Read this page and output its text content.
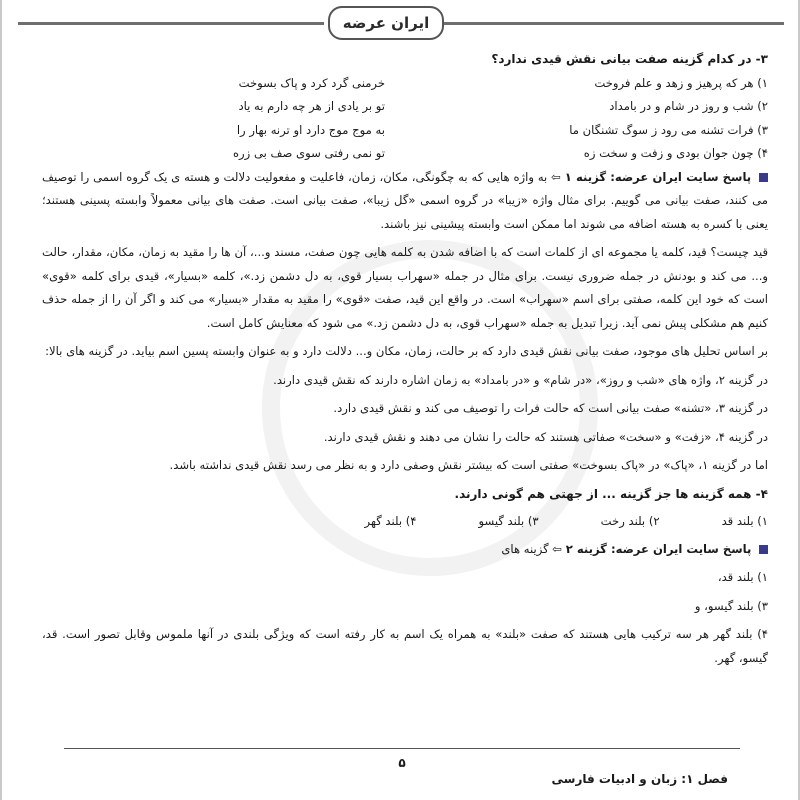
ایران عرضه

۳- در کدام گزینه صفت بیانی نقش قیدی ندارد؟

۱) هر که پرهیز و زهد و علم فروخت
خرمنی گرد کرد و پاک بسوخت
۲) شب و روز در شام و در بامداد
تو بر یادی از هر چه دارم به یاد
۳) فرات تشنه می رود ز سوگ تشنگان ما
به موج موج دارد او ترنه بهار را
۴) چون جوان بودی و زفت و سخت زه
تو نمی رفتی سوی صف بی زره

پاسخ سایت ایران عرضه: گزینه ۱ ⇦ به واژه هایی که به چگونگی، مکان، زمان، فاعلیت و مفعولیت دلالت و هسته ی یک گروه اسمی را توصیف می کنند، صفت بیانی می گوییم. برای مثال واژه «زیبا» در گروه اسمی «گل زیبا»، صفت بیانی است. صفت های بیانی معمولاً وابسته پسینی هستند؛ یعنی با کسره به هسته اضافه می شوند اما ممکن است وابسته پیشینی نیز باشند.

قید چیست؟ قید، کلمه یا مجموعه ای از کلمات است که با اضافه شدن به کلمه هایی چون صفت، مسند و...، آن ها را مقید به زمان، مکان، مقدار، حالت و... می کند و بودنش در جمله ضروری نیست. برای مثال در جمله «سهراب بسیار قوی، به دل دشمن زد.»، کلمه «بسیار»، قیدی برای کلمه «قوی» است که خود این کلمه، صفتی برای اسم «سهراب» است. در واقع این قید، صفت «قوی» را مقید به مقدار «بسیار» می کند و اگر آن را از جمله حذف کنیم هم مشکلی پیش نمی آید. زیرا تبدیل به جمله «سهراب قوی، به دل دشمن زد.» می شود که معنایش کامل است.

بر اساس تحلیل های موجود، صفت بیانی نقش قیدی دارد که بر حالت، زمان، مکان و... دلالت دارد و به عنوان وابسته پسین اسم بیاید. در گزینه های بالا:

در گزینه ۲، واژه های «شب و روز»، «در شام» و «در بامداد» به زمان اشاره دارند که نقش قیدی دارند.

در گزینه ۳، «تشنه» صفت بیانی است که حالت فرات را توصیف می کند و نقش قیدی دارد.

در گزینه ۴، «زفت» و «سخت» صفاتی هستند که حالت را نشان می دهند و نقش قیدی دارند.

اما در گزینه ۱، «پاک» در «پاک بسوخت» صفتی است که بیشتر نقش وصفی دارد و به نظر می رسد نقش قیدی نداشته باشد.

۴- همه گزینه ها جز گزینه ... از جهتی هم گونی دارند.

۱) بلند قد
۲) بلند رخت
۳) بلند گیسو
۴) بلند گهر

پاسخ سایت ایران عرضه: گزینه ۲ ⇦ گزینه های

۱) بلند قد،

۳) بلند گیسو، و

۴) بلند گهر هر سه ترکیب هایی هستند که صفت «بلند» به همراه یک اسم به کار رفته است که ویژگی بلندی در آنها ملموس وقابل تصور است. قد، گیسو، گهر.

۵
فصل ۱: زبان و ادبیات فارسی
